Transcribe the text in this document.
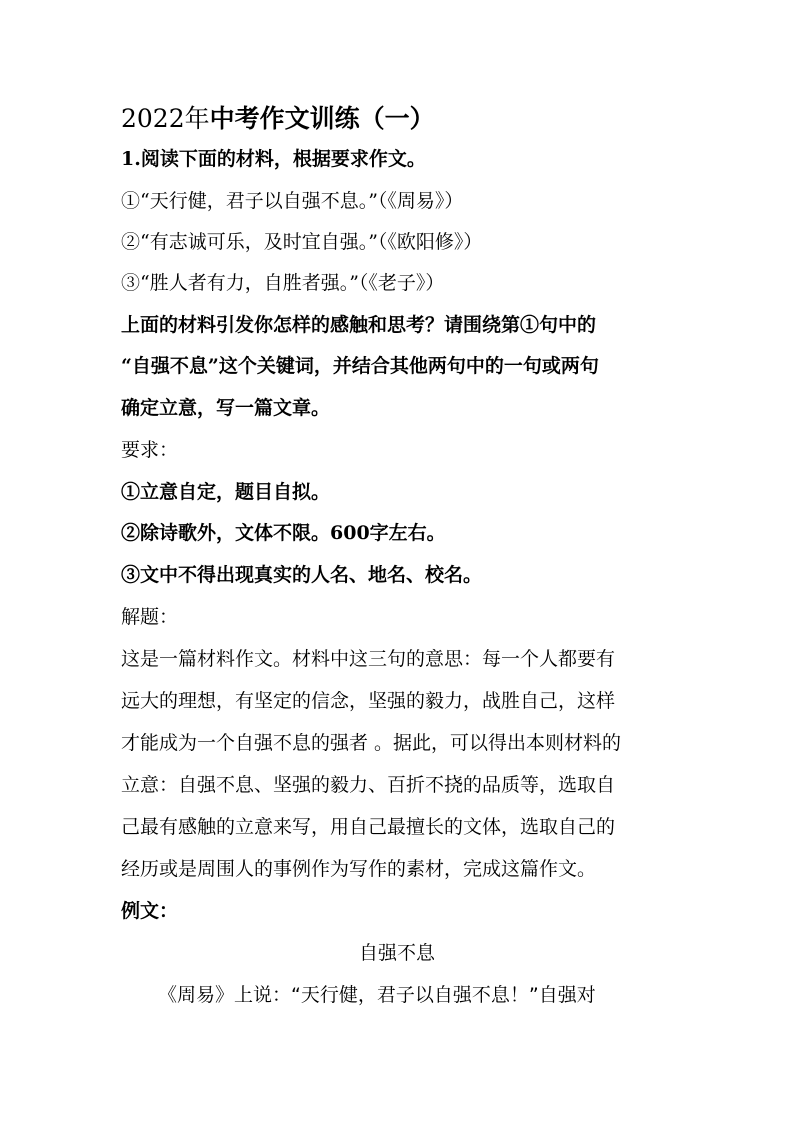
2022年中考作文训练（一）
1.阅读下面的材料，根据要求作文。
①“天行健，君子以自强不息。”（《周易》）
②“有志诚可乐，及时宜自强。”（《欧阳修》）
③“胜人者有力，自胜者强。”（《老子》）
上面的材料引发你怎样的感触和思考？请围绕第①句中的
“自强不息”这个关键词，并结合其他两句中的一句或两句
确定立意，写一篇文章。
要求：
①立意自定，题目自拟。
②除诗歌外，文体不限。600字左右。
③文中不得出现真实的人名、地名、校名。
解题：
这是一篇材料作文。材料中这三句的意思：每一个人都要有
远大的理想，有坚定的信念，坚强的毅力，战胜自己，这样
才能成为一个自强不息的强者 。据此，可以得出本则材料的
立意：自强不息、坚强的毅力、百折不挠的品质等，选取自
己最有感触的立意来写，用自己最擅长的文体，选取自己的
经历或是周围人的事例作为写作的素材，完成这篇作文。
例文：
自强不息
《周易》上说：“天行健，君子以自强不息！”自强对
